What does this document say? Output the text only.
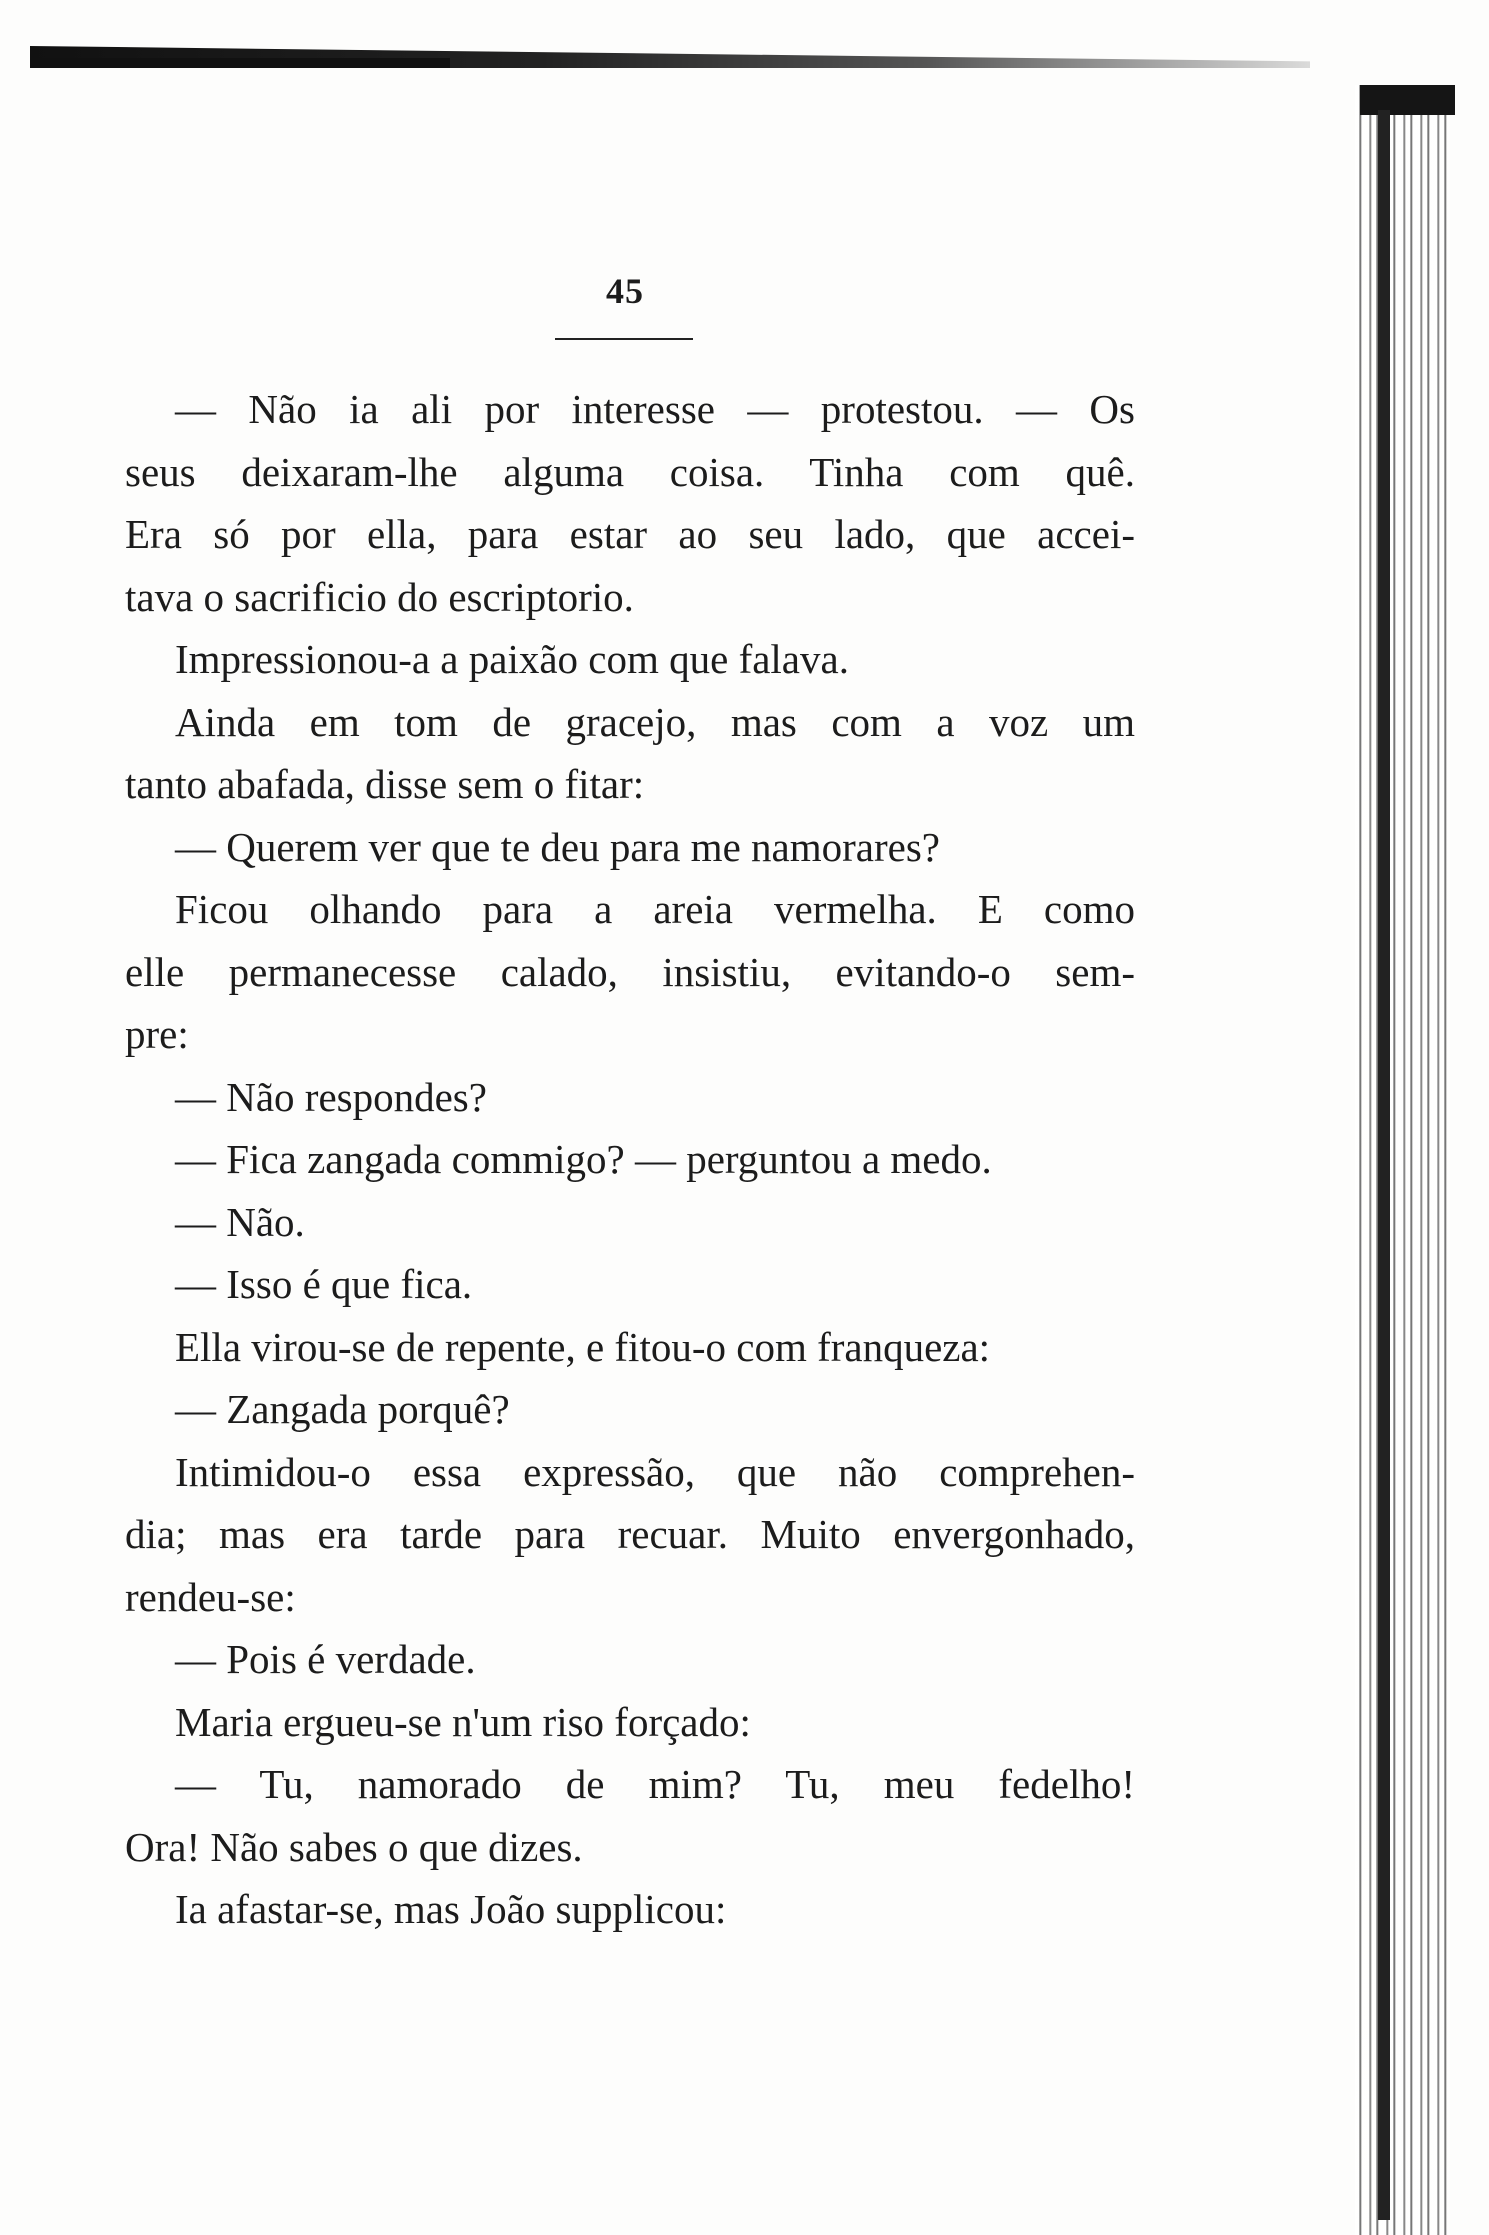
45
— Não ia ali por interesse — protestou. — Os
seus deixaram-lhe alguma coisa. Tinha com quê.
Era só por ella, para estar ao seu lado, que accei-
tava o sacrificio do escriptorio.
Impressionou-a a paixão com que falava.
Ainda em tom de gracejo, mas com a voz um
tanto abafada, disse sem o fitar:
— Querem ver que te deu para me namorares?
Ficou olhando para a areia vermelha. E como
elle permanecesse calado, insistiu, evitando-o sem-
pre:
— Não respondes?
— Fica zangada commigo? — perguntou a medo.
— Não.
— Isso é que fica.
Ella virou-se de repente, e fitou-o com franqueza:
— Zangada porquê?
Intimidou-o essa expressão, que não comprehen-
dia; mas era tarde para recuar. Muito envergonhado,
rendeu-se:
— Pois é verdade.
Maria ergueu-se n'um riso forçado:
— Tu, namorado de mim? Tu, meu fedelho!
Ora! Não sabes o que dizes.
Ia afastar-se, mas João supplicou:
